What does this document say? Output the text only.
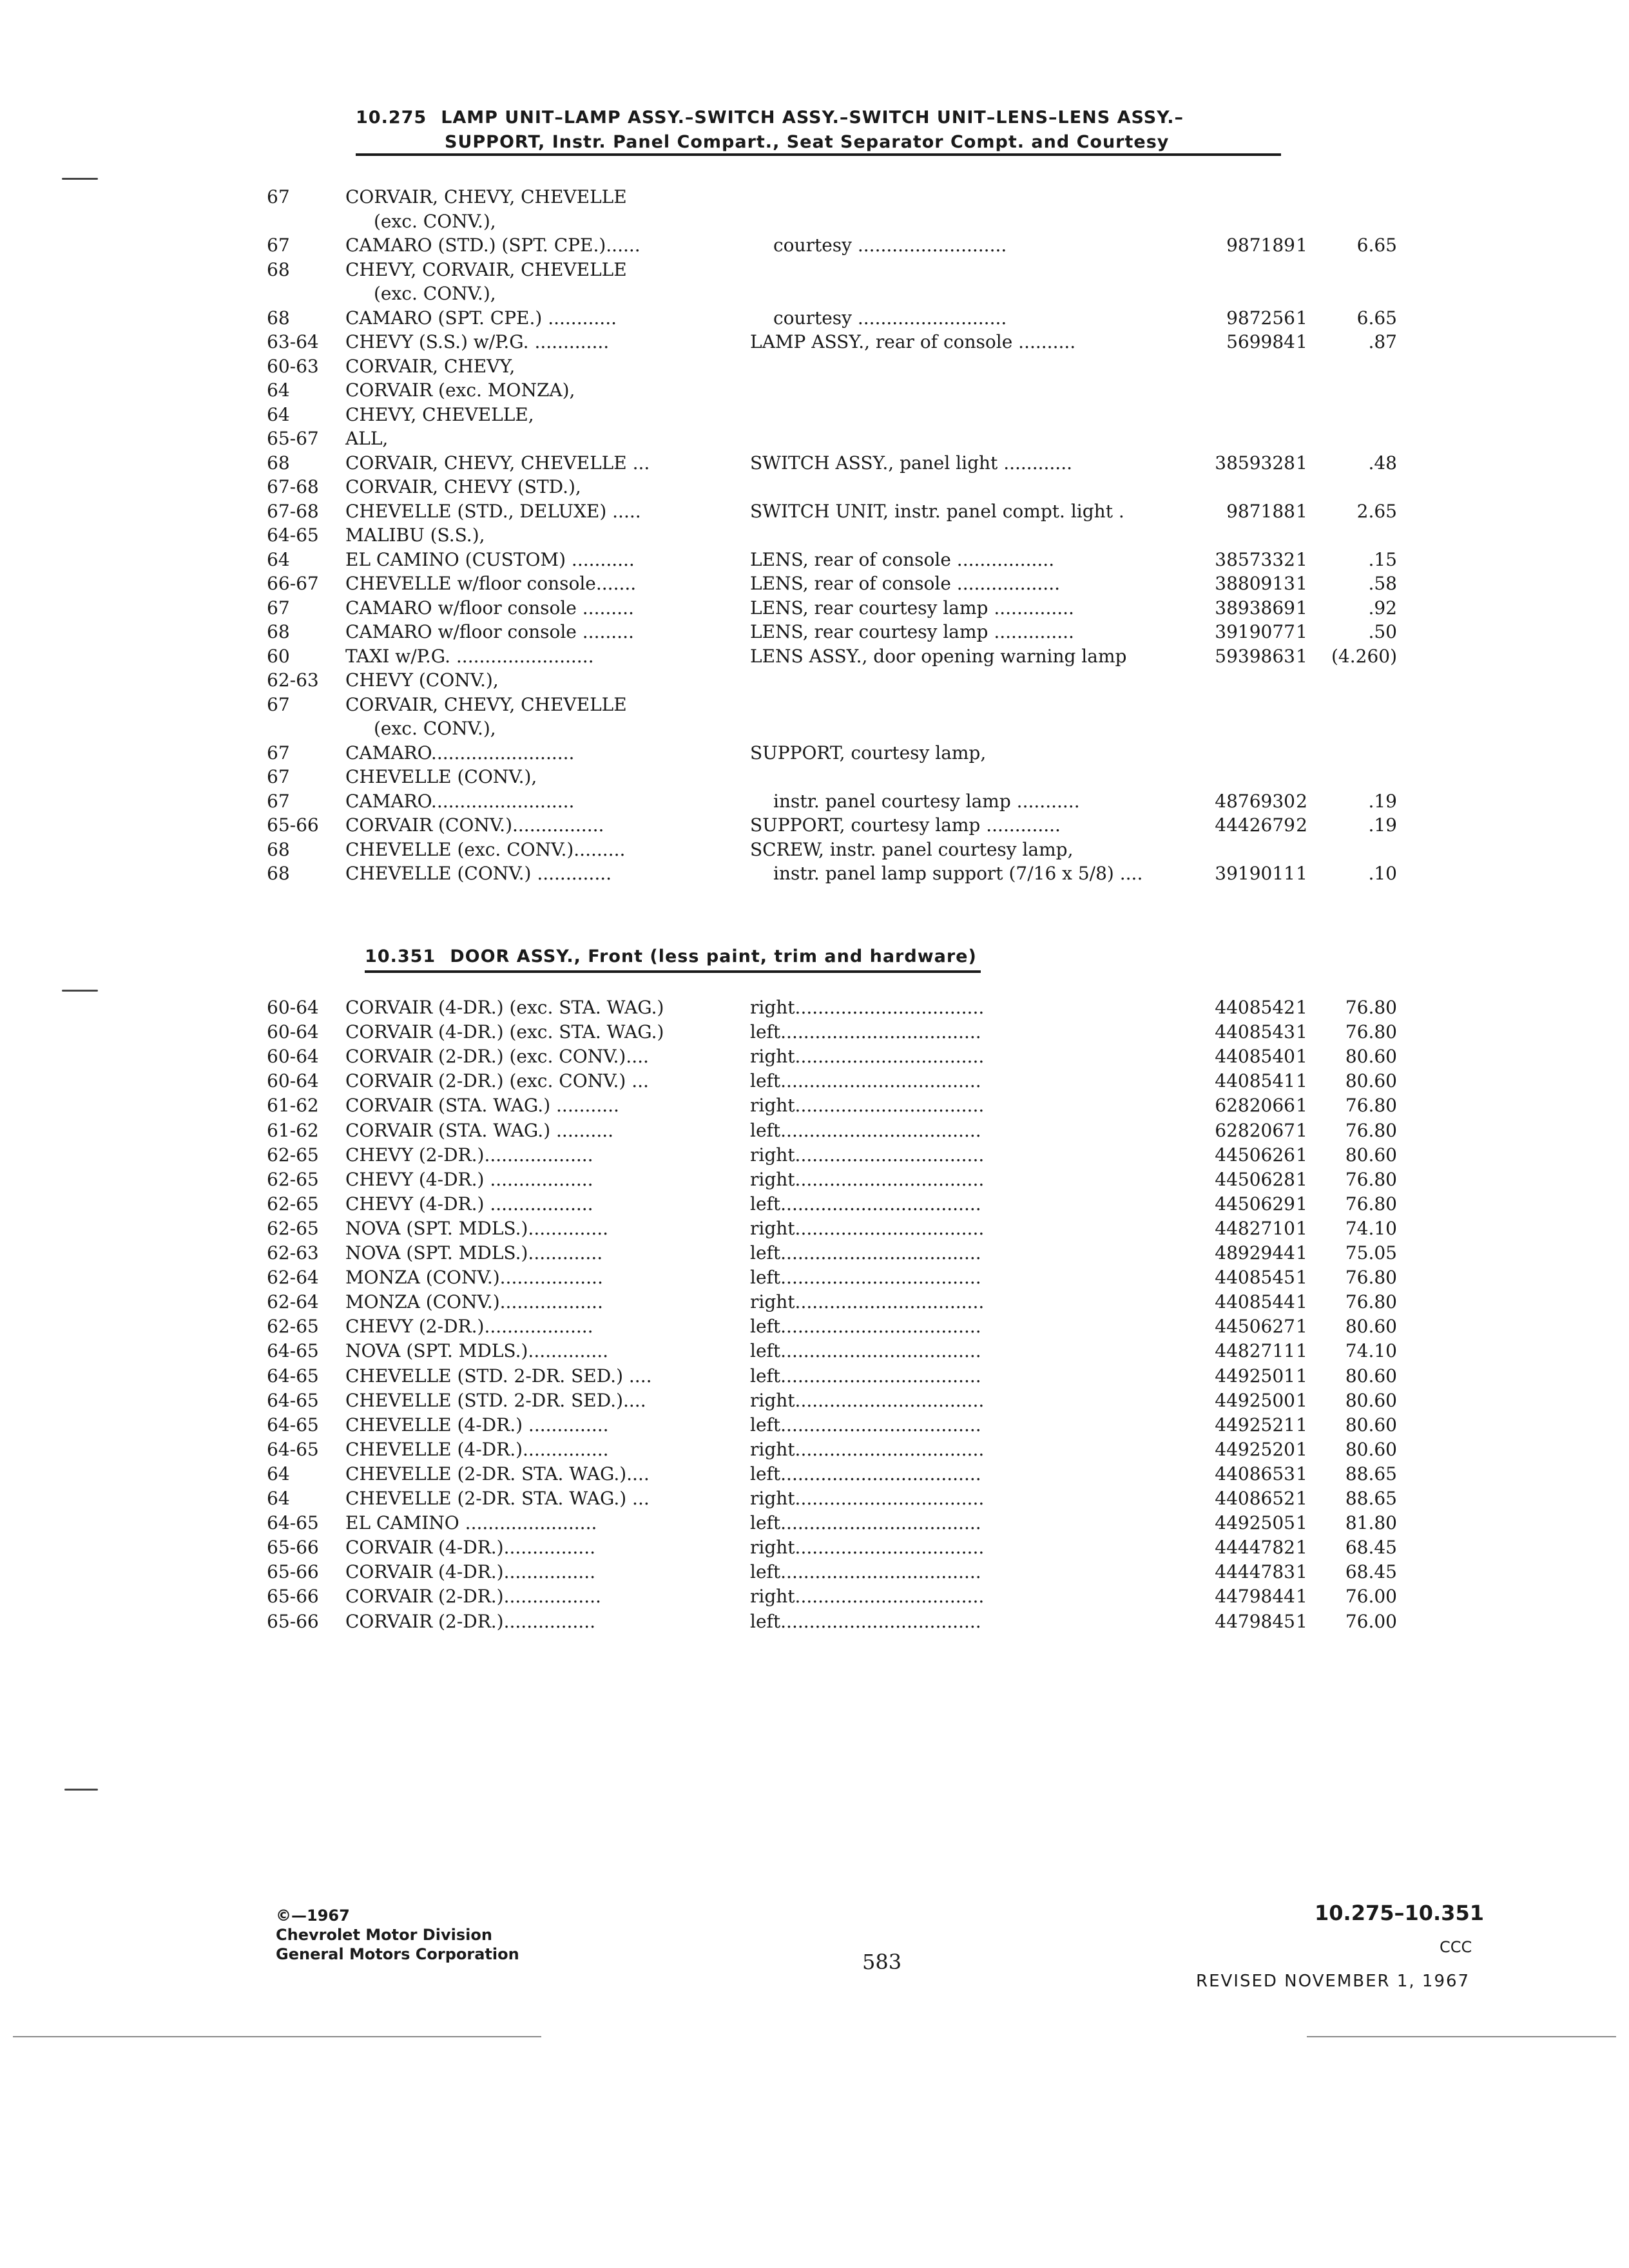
10.275 LAMP UNIT–LAMP ASSY.–SWITCH ASSY.–SWITCH UNIT–LENS–LENS ASSY.–
SUPPORT, Instr. Panel Compart., Seat Separator Compt. and Courtesy
10.351 DOOR ASSY., Front (less paint, trim and hardware)
67	CORVAIR, CHEVY, CHEVELLE
(exc. CONV.),
67	CAMARO (STD.) (SPT. CPE.)......	courtesy ..........................	987189 1	6.65
68	CHEVY, CORVAIR, CHEVELLE
(exc. CONV.),
68	CAMARO (SPT. CPE.) ............	courtesy ..........................	987256 1	6.65
63-64 CHEVY (S.S.) w/P.G. .............	LAMP ASSY., rear of console ..........	569984 1	.87
60-63 CORVAIR, CHEVY,
64	CORVAIR (exc. MONZA),
64	CHEVY, CHEVELLE,
65-67 ALL,
68	CORVAIR, CHEVY, CHEVELLE ...	SWITCH ASSY., panel light ............	3859328 1	.48
67-68 CORVAIR, CHEVY (STD.),
67-68 CHEVELLE (STD., DELUXE) .....	SWITCH UNIT, instr. panel compt. light .	987188 1	2.65
64-65 MALIBU (S.S.),
64	EL CAMINO (CUSTOM) ...........	LENS, rear of console .................	3857332 1	.15
66-67 CHEVELLE w/floor console.......	LENS, rear of console ..................	3880913 1	.58
67	CAMARO w/floor console .........	LENS, rear courtesy lamp ..............	3893869 1	.92
68	CAMARO w/floor console .........	LENS, rear courtesy lamp ..............	3919077 1	.50
60	TAXI w/P.G. ........................	LENS ASSY., door opening warning lamp	5939863 1	(4.260)
62-63 CHEVY (CONV.),
67	CORVAIR, CHEVY, CHEVELLE
(exc. CONV.),
67	CAMARO.........................	SUPPORT, courtesy lamp,
67	CHEVELLE (CONV.),
67	CAMARO.........................	instr. panel courtesy lamp ...........	4876930 2	.19
65-66 CORVAIR (CONV.)................	SUPPORT, courtesy lamp .............	4442679 2	.19
68	CHEVELLE (exc. CONV.).........	SCREW, instr. panel courtesy lamp,
68	CHEVELLE (CONV.) .............	instr. panel lamp support (7/16 x 5/8) ....	3919011 1	.10
60-64 CORVAIR (4-DR.) (exc. STA. WAG.)	right.................................	4408542 1	76.80
60-64 CORVAIR (4-DR.) (exc. STA. WAG.)	left...................................	4408543 1	76.80
60-64 CORVAIR (2-DR.) (exc. CONV.)....	right.................................	4408540 1	80.60
60-64 CORVAIR (2-DR.) (exc. CONV.) ...	left...................................	4408541 1	80.60
61-62 CORVAIR (STA. WAG.) ...........	right.................................	6282066 1	76.80
61-62 CORVAIR (STA. WAG.) ..........	left...................................	6282067 1	76.80
62-65 CHEVY (2-DR.)...................	right.................................	4450626 1	80.60
62-65 CHEVY (4-DR.) ..................	right.................................	4450628 1	76.80
62-65 CHEVY (4-DR.) ..................	left...................................	4450629 1	76.80
62-65 NOVA (SPT. MDLS.)..............	right.................................	4482710 1	74.10
62-63 NOVA (SPT. MDLS.).............	left...................................	4892944 1	75.05
62-64 MONZA (CONV.)..................	left...................................	4408545 1	76.80
62-64 MONZA (CONV.)..................	right.................................	4408544 1	76.80
62-65 CHEVY (2-DR.)...................	left...................................	4450627 1	80.60
64-65 NOVA (SPT. MDLS.)..............	left...................................	4482711 1	74.10
64-65 CHEVELLE (STD. 2-DR. SED.) ....	left...................................	4492501 1	80.60
64-65 CHEVELLE (STD. 2-DR. SED.)....	right.................................	4492500 1	80.60
64-65 CHEVELLE (4-DR.) ..............	left...................................	4492521 1	80.60
64-65 CHEVELLE (4-DR.)...............	right.................................	4492520 1	80.60
64	CHEVELLE (2-DR. STA. WAG.)....	left...................................	4408653 1	88.65
64	CHEVELLE (2-DR. STA. WAG.) ...	right.................................	4408652 1	88.65
64-65 EL CAMINO .......................	left...................................	4492505 1	81.80
65-66 CORVAIR (4-DR.)................	right.................................	4444782 1	68.45
65-66 CORVAIR (4-DR.)................	left...................................	4444783 1	68.45
65-66 CORVAIR (2-DR.).................	right.................................	4479844 1	76.00
65-66 CORVAIR (2-DR.)................	left...................................	4479845 1	76.00
©—1967
Chevrolet Motor Division
General Motors Corporation	583
10.275–10.351
CCC
REVISED NOVEMBER 1, 1967
